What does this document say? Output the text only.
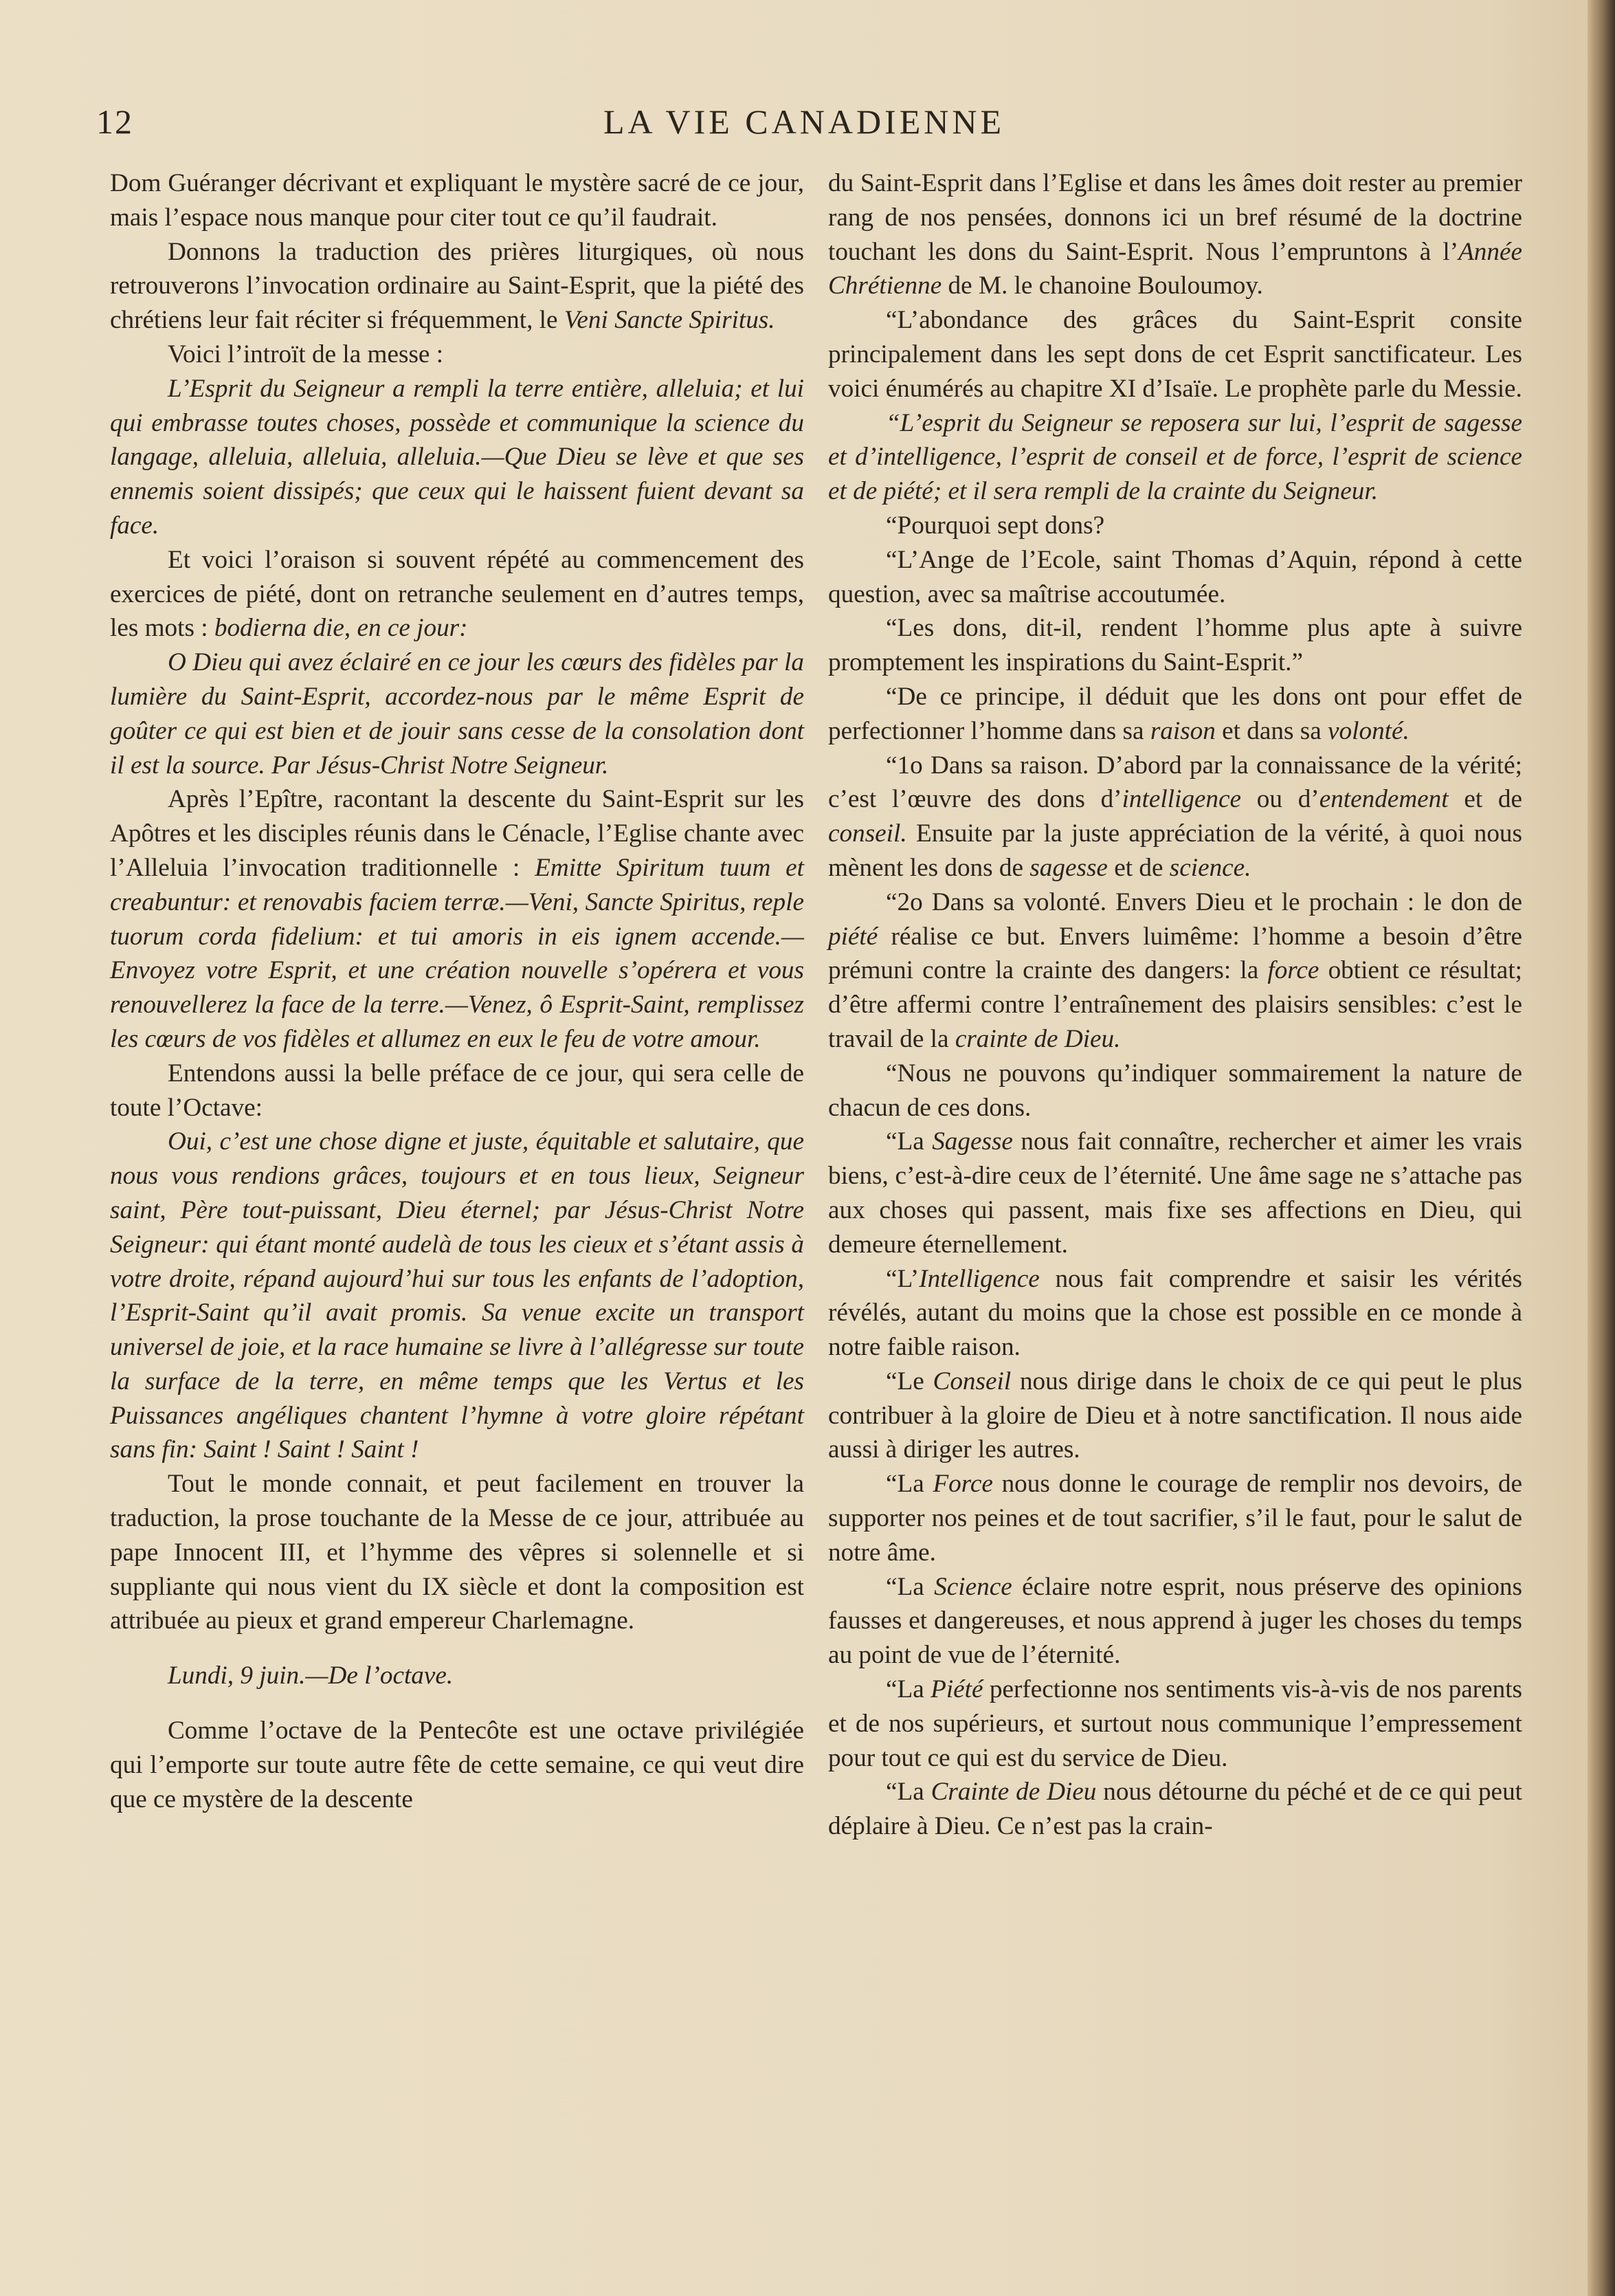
12	LA VIE CANADIENNE

Dom Guéranger décrivant et expliquant le mystère sacré de ce jour, mais l’espace nous manque pour citer tout ce qu’il faudrait.

Donnons la traduction des prières liturgiques, où nous retrouverons l’invocation ordinaire au Saint-Esprit, que la piété des chrétiens leur fait réciter si fréquemment, le Veni Sancte Spiritus.

Voici l’introït de la messe :

L’Esprit du Seigneur a rempli la terre entière, alleluia; et lui qui embrasse toutes choses, possède et communique la science du langage, alleluia, alleluia, alleluia.—Que Dieu se lève et que ses ennemis soient dissipés; que ceux qui le haissent fuient devant sa face.

Et voici l’oraison si souvent répété au commencement des exercices de piété, dont on retranche seulement en d’autres temps, les mots : bodierna die, en ce jour:

O Dieu qui avez éclairé en ce jour les cœurs des fidèles par la lumière du Saint-Esprit, accordez-nous par le même Esprit de goûter ce qui est bien et de jouir sans cesse de la consolation dont il est la source. Par Jésus-Christ Notre Seigneur.

Après l’Epître, racontant la descente du Saint-Esprit sur les Apôtres et les disciples réunis dans le Cénacle, l’Eglise chante avec l’Alleluia l’invocation traditionnelle : Emitte Spiritum tuum et creabuntur: et renovabis faciem terræ.—Veni, Sancte Spiritus, reple tuorum corda fidelium: et tui amoris in eis ignem accende.—Envoyez votre Esprit, et une création nouvelle s’opérera et vous renouvellerez la face de la terre.—Venez, ô Esprit-Saint, remplissez les cœurs de vos fidèles et allumez en eux le feu de votre amour.

Entendons aussi la belle préface de ce jour, qui sera celle de toute l’Octave:

Oui, c’est une chose digne et juste, équitable et salutaire, que nous vous rendions grâces, toujours et en tous lieux, Seigneur saint, Père tout-puissant, Dieu éternel; par Jésus-Christ Notre Seigneur: qui étant monté audelà de tous les cieux et s’étant assis à votre droite, répand aujourd’hui sur tous les enfants de l’adoption, l’Esprit-Saint qu’il avait promis. Sa venue excite un transport universel de joie, et la race humaine se livre à l’allégresse sur toute la surface de la terre, en même temps que les Vertus et les Puissances angéliques chantent l’hymne à votre gloire répétant sans fin: Saint ! Saint ! Saint !

Tout le monde connait, et peut facilement en trouver la traduction, la prose touchante de la Messe de ce jour, attribuée au pape Innocent III, et l’hymme des vêpres si solennelle et si suppliante qui nous vient du IX siècle et dont la composition est attribuée au pieux et grand empereur Charlemagne.

Lundi, 9 juin.—De l’octave.

Comme l’octave de la Pentecôte est une octave privilégiée qui l’emporte sur toute autre fête de cette semaine, ce qui veut dire que ce mystère de la descente

du Saint-Esprit dans l’Eglise et dans les âmes doit rester au premier rang de nos pensées, donnons ici un bref résumé de la doctrine touchant les dons du Saint-Esprit. Nous l’empruntons à l’Année Chrétienne de M. le chanoine Bouloumoy.

“L’abondance des grâces du Saint-Esprit consite principalement dans les sept dons de cet Esprit sanctificateur. Les voici énumérés au chapitre XI d’Isaïe. Le prophète parle du Messie.

“L’esprit du Seigneur se reposera sur lui, l’esprit de sagesse et d’intelligence, l’esprit de conseil et de force, l’esprit de science et de piété; et il sera rempli de la crainte du Seigneur.

“Pourquoi sept dons?

“L’Ange de l’Ecole, saint Thomas d’Aquin, répond à cette question, avec sa maîtrise accoutumée.

“Les dons, dit-il, rendent l’homme plus apte à suivre promptement les inspirations du Saint-Esprit.”

“De ce principe, il déduit que les dons ont pour effet de perfectionner l’homme dans sa raison et dans sa volonté.

“1o Dans sa raison. D’abord par la connaissance de la vérité; c’est l’œuvre des dons d’intelligence ou d’entendement et de conseil. Ensuite par la juste appréciation de la vérité, à quoi nous mènent les dons de sagesse et de science.

“2o Dans sa volonté. Envers Dieu et le prochain : le don de piété réalise ce but. Envers luimême: l’homme a besoin d’être prémuni contre la crainte des dangers: la force obtient ce résultat; d’être affermi contre l’entraînement des plaisirs sensibles: c’est le travail de la crainte de Dieu.

“Nous ne pouvons qu’indiquer sommairement la nature de chacun de ces dons.

“La Sagesse nous fait connaître, rechercher et aimer les vrais biens, c’est-à-dire ceux de l’éternité. Une âme sage ne s’attache pas aux choses qui passent, mais fixe ses affections en Dieu, qui demeure éternellement.

“L’Intelligence nous fait comprendre et saisir les vérités révélés, autant du moins que la chose est possible en ce monde à notre faible raison.

“Le Conseil nous dirige dans le choix de ce qui peut le plus contribuer à la gloire de Dieu et à notre sanctification. Il nous aide aussi à diriger les autres.

“La Force nous donne le courage de remplir nos devoirs, de supporter nos peines et de tout sacrifier, s’il le faut, pour le salut de notre âme.

“La Science éclaire notre esprit, nous préserve des opinions fausses et dangereuses, et nous apprend à juger les choses du temps au point de vue de l’éternité.

“La Piété perfectionne nos sentiments vis-à-vis de nos parents et de nos supérieurs, et surtout nous communique l’empressement pour tout ce qui est du service de Dieu.

“La Crainte de Dieu nous détourne du péché et de ce qui peut déplaire à Dieu. Ce n’est pas la crain-
